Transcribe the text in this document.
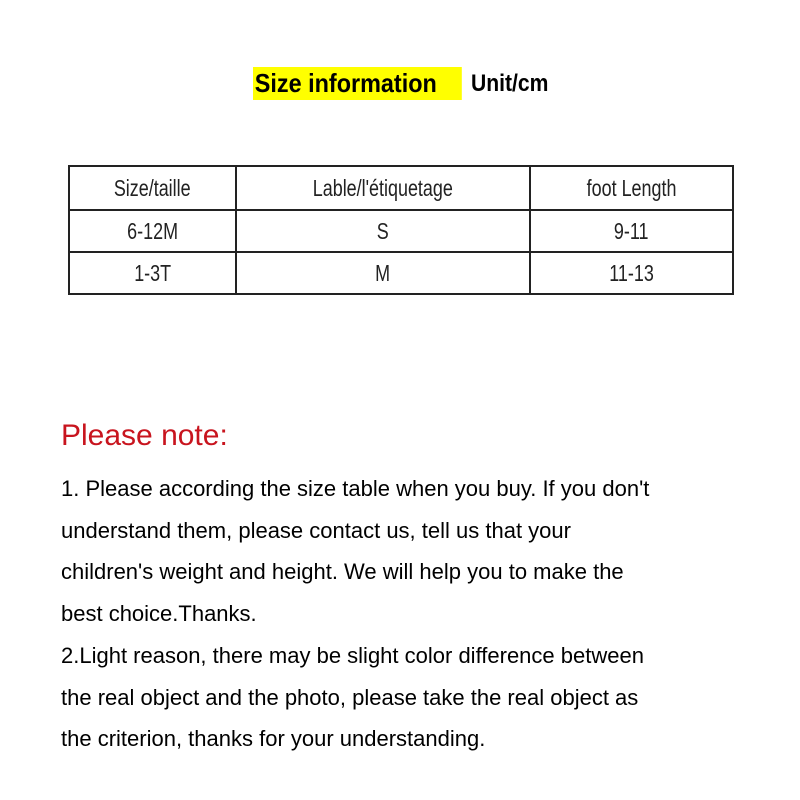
Size information	Unit/cm
Size/taille	Lable/l'étiquetage	foot Length
6-12M	S	9-11
1-3T	M	11-13
Please note:
1. Please according the size table when you buy. If you don't
understand them, please contact us, tell us that your
children's weight and height. We will help you to make the
best choice.Thanks.
2.Light reason, there may be slight color difference between
the real object and the photo, please take the real object as
the criterion, thanks for your understanding.
